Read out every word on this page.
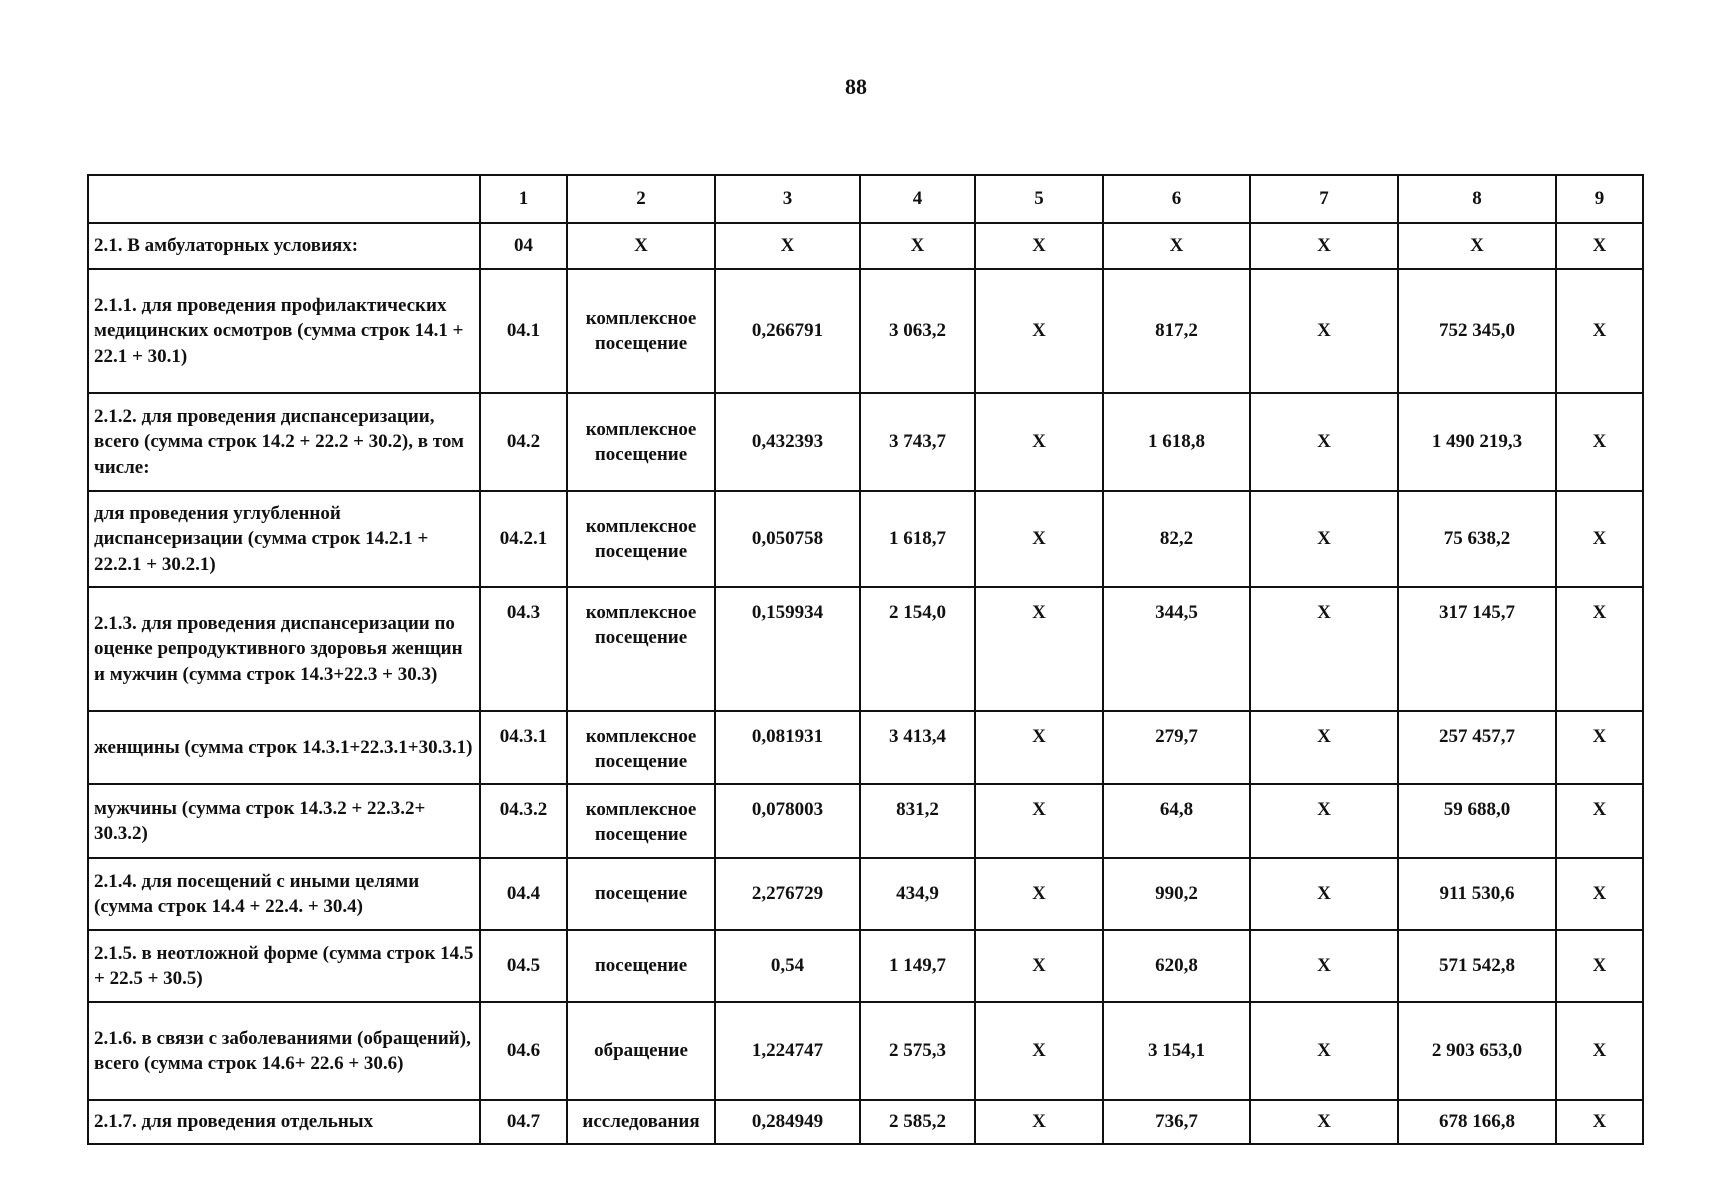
88
	1	2	3	4	5	6	7	8	9
2.1. В амбулаторных условиях:	04	Х	Х	Х	Х	Х	Х	Х	Х
2.1.1. для проведения профилактических медицинских осмотров (сумма строк 14.1 + 22.1 + 30.1)	04.1	комплексное посещение	0,266791	3 063,2	Х	817,2	Х	752 345,0	Х
2.1.2. для проведения диспансеризации, всего (сумма строк 14.2 + 22.2 + 30.2), в том числе:	04.2	комплексное посещение	0,432393	3 743,7	Х	1 618,8	Х	1 490 219,3	Х
для проведения углубленной диспансеризации (сумма строк 14.2.1 + 22.2.1 + 30.2.1)	04.2.1	комплексное посещение	0,050758	1 618,7	Х	82,2	Х	75 638,2	Х
2.1.3. для проведения диспансеризации по оценке репродуктивного здоровья женщин и мужчин (сумма строк 14.3+22.3 + 30.3)	04.3	комплексное посещение	0,159934	2 154,0	Х	344,5	Х	317 145,7	Х
женщины (сумма строк 14.3.1+22.3.1+30.3.1)	04.3.1	комплексное посещение	0,081931	3 413,4	Х	279,7	Х	257 457,7	Х
мужчины (сумма строк 14.3.2 + 22.3.2+ 30.3.2)	04.3.2	комплексное посещение	0,078003	831,2	Х	64,8	Х	59 688,0	Х
2.1.4. для посещений с иными целями (сумма строк 14.4 + 22.4. + 30.4)	04.4	посещение	2,276729	434,9	Х	990,2	Х	911 530,6	Х
2.1.5. в неотложной форме (сумма строк 14.5 + 22.5 + 30.5)	04.5	посещение	0,54	1 149,7	Х	620,8	Х	571 542,8	Х
2.1.6. в связи с заболеваниями (обращений), всего (сумма строк 14.6+ 22.6 + 30.6)	04.6	обращение	1,224747	2 575,3	Х	3 154,1	Х	2 903 653,0	Х
2.1.7. для проведения отдельных	04.7	исследования	0,284949	2 585,2	Х	736,7	Х	678 166,8	Х
